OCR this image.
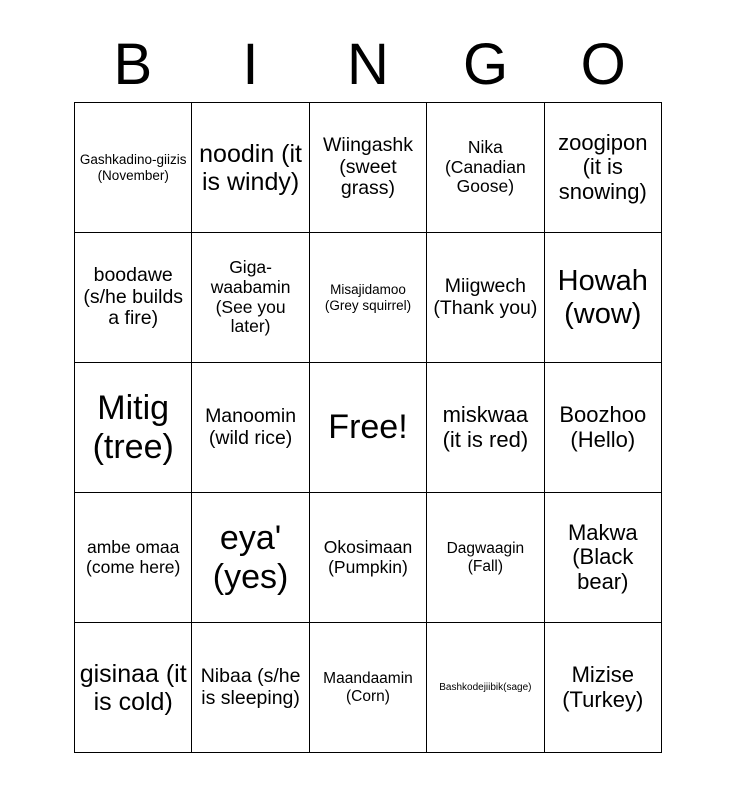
B	I	N	G	O
Gashkadino-giizis (November)	noodin (it is windy)	Wiingashk (sweet grass)	Nika (Canadian Goose)	zoogipon (it is snowing)

boodawe (s/he builds a fire)	Giga-waabamin (See you later)	Misajidamoo (Grey squirrel)	Miigwech (Thank you)	Howah (wow)

Mitig (tree)	Manoomin (wild rice)	Free!	miskwaa (it is red)	Boozhoo (Hello)

ambe omaa (come here)	eya' (yes)	Okosimaan (Pumpkin)	Dagwaagin (Fall)	Makwa (Black bear)

gisinaa (it is cold)	Nibaa (s/he is sleeping)	Maandaamin (Corn)	Bashkodejiibik(sage)	Mizise (Turkey)
